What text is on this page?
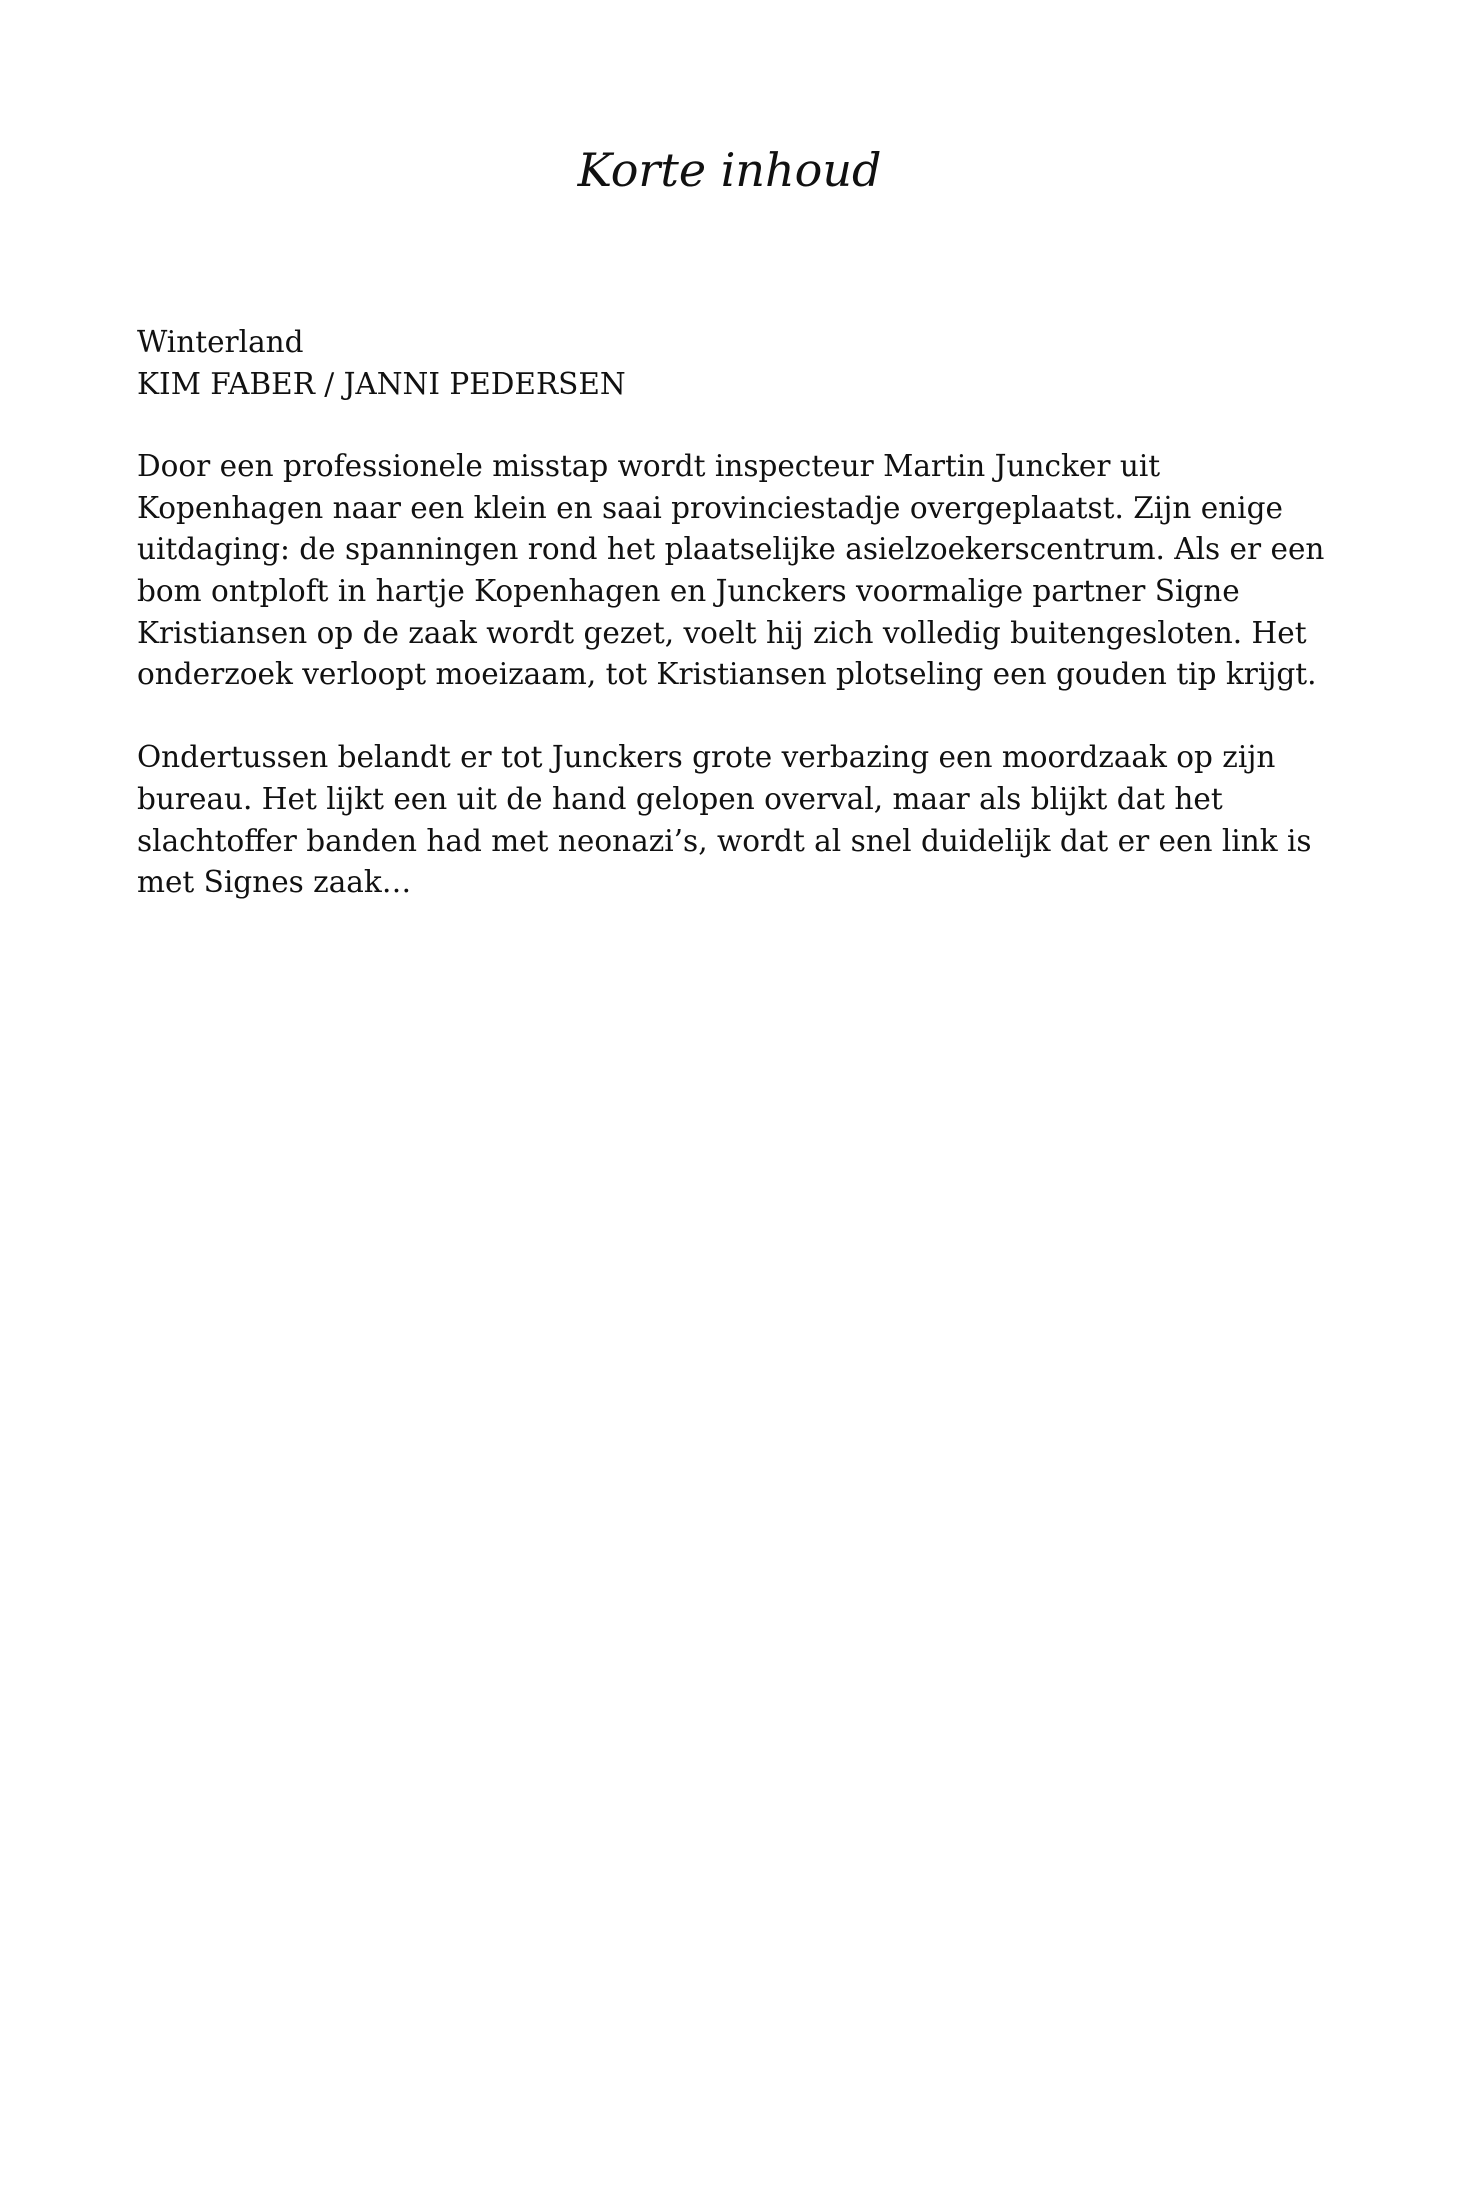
Korte inhoud
Winterland
KIM FABER / JANNI PEDERSEN
Door een professionele misstap wordt inspecteur Martin Juncker uit
Kopenhagen naar een klein en saai provinciestadje overgeplaatst. Zijn enige
uitdaging: de spanningen rond het plaatselijke asielzoekerscentrum. Als er een
bom ontploft in hartje Kopenhagen en Junckers voormalige partner Signe
Kristiansen op de zaak wordt gezet, voelt hij zich volledig buitengesloten. Het
onderzoek verloopt moeizaam, tot Kristiansen plotseling een gouden tip krijgt.
Ondertussen belandt er tot Junckers grote verbazing een moordzaak op zijn
bureau. Het lijkt een uit de hand gelopen overval, maar als blijkt dat het
slachtoffer banden had met neonazi’s, wordt al snel duidelijk dat er een link is
met Signes zaak…
